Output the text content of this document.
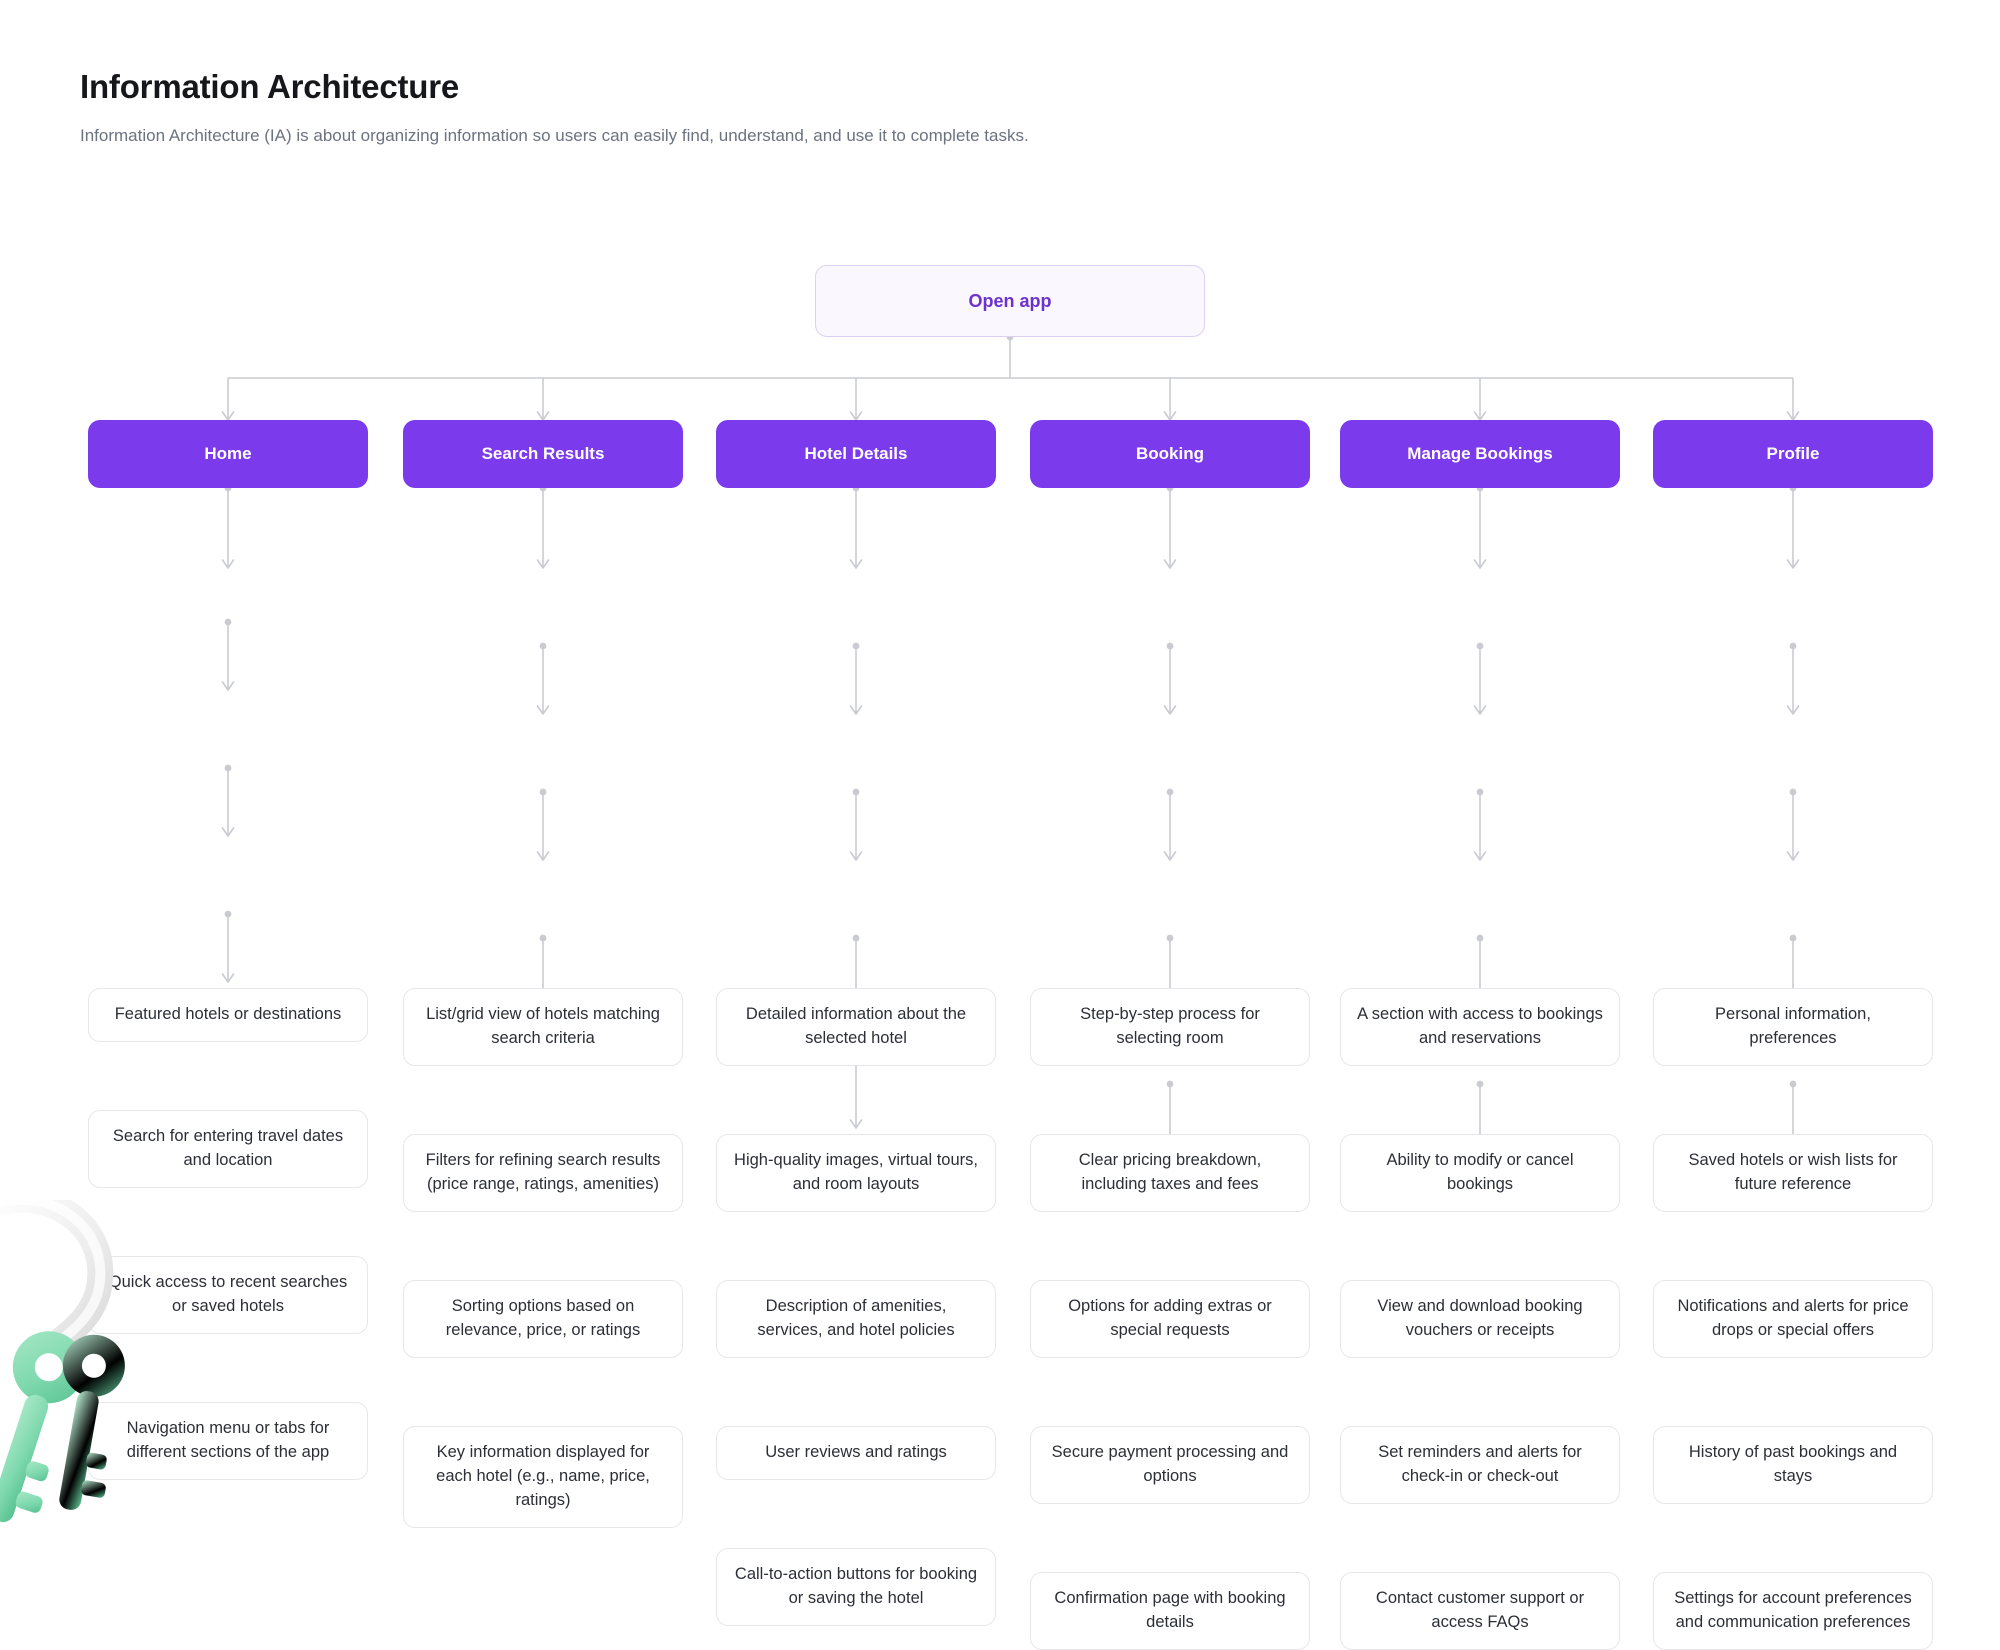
Information Architecture

Information Architecture (IA) is about organizing information so users can easily find, understand, and use it to complete tasks.

Open app
Home
Featured hotels or destinations
Search for entering travel dates and location
Quick access to recent searches or saved hotels
Navigation menu or tabs for different sections of the app
Search Results
List/grid view of hotels matching search criteria
Filters for refining search results (price range, ratings, amenities)
Sorting options based on relevance, price, or ratings
Key information displayed for each hotel (e.g., name, price, ratings)
Hotel Details
Detailed information about the selected hotel
High-quality images, virtual tours, and room layouts
Description of amenities, services, and hotel policies
User reviews and ratings
Call-to-action buttons for booking or saving the hotel
Booking
Step-by-step process for selecting room
Clear pricing breakdown, including taxes and fees
Options for adding extras or special requests
Secure payment processing and options
Confirmation page with booking details
Manage Bookings
A section with access to bookings and reservations
Ability to modify or cancel bookings
View and download booking vouchers or receipts
Set reminders and alerts for check-in or check-out
Contact customer support or access FAQs
Profile
Personal information, preferences
Saved hotels or wish lists for future reference
Notifications and alerts for price drops or special offers
History of past bookings and stays
Settings for account preferences and communication preferences
